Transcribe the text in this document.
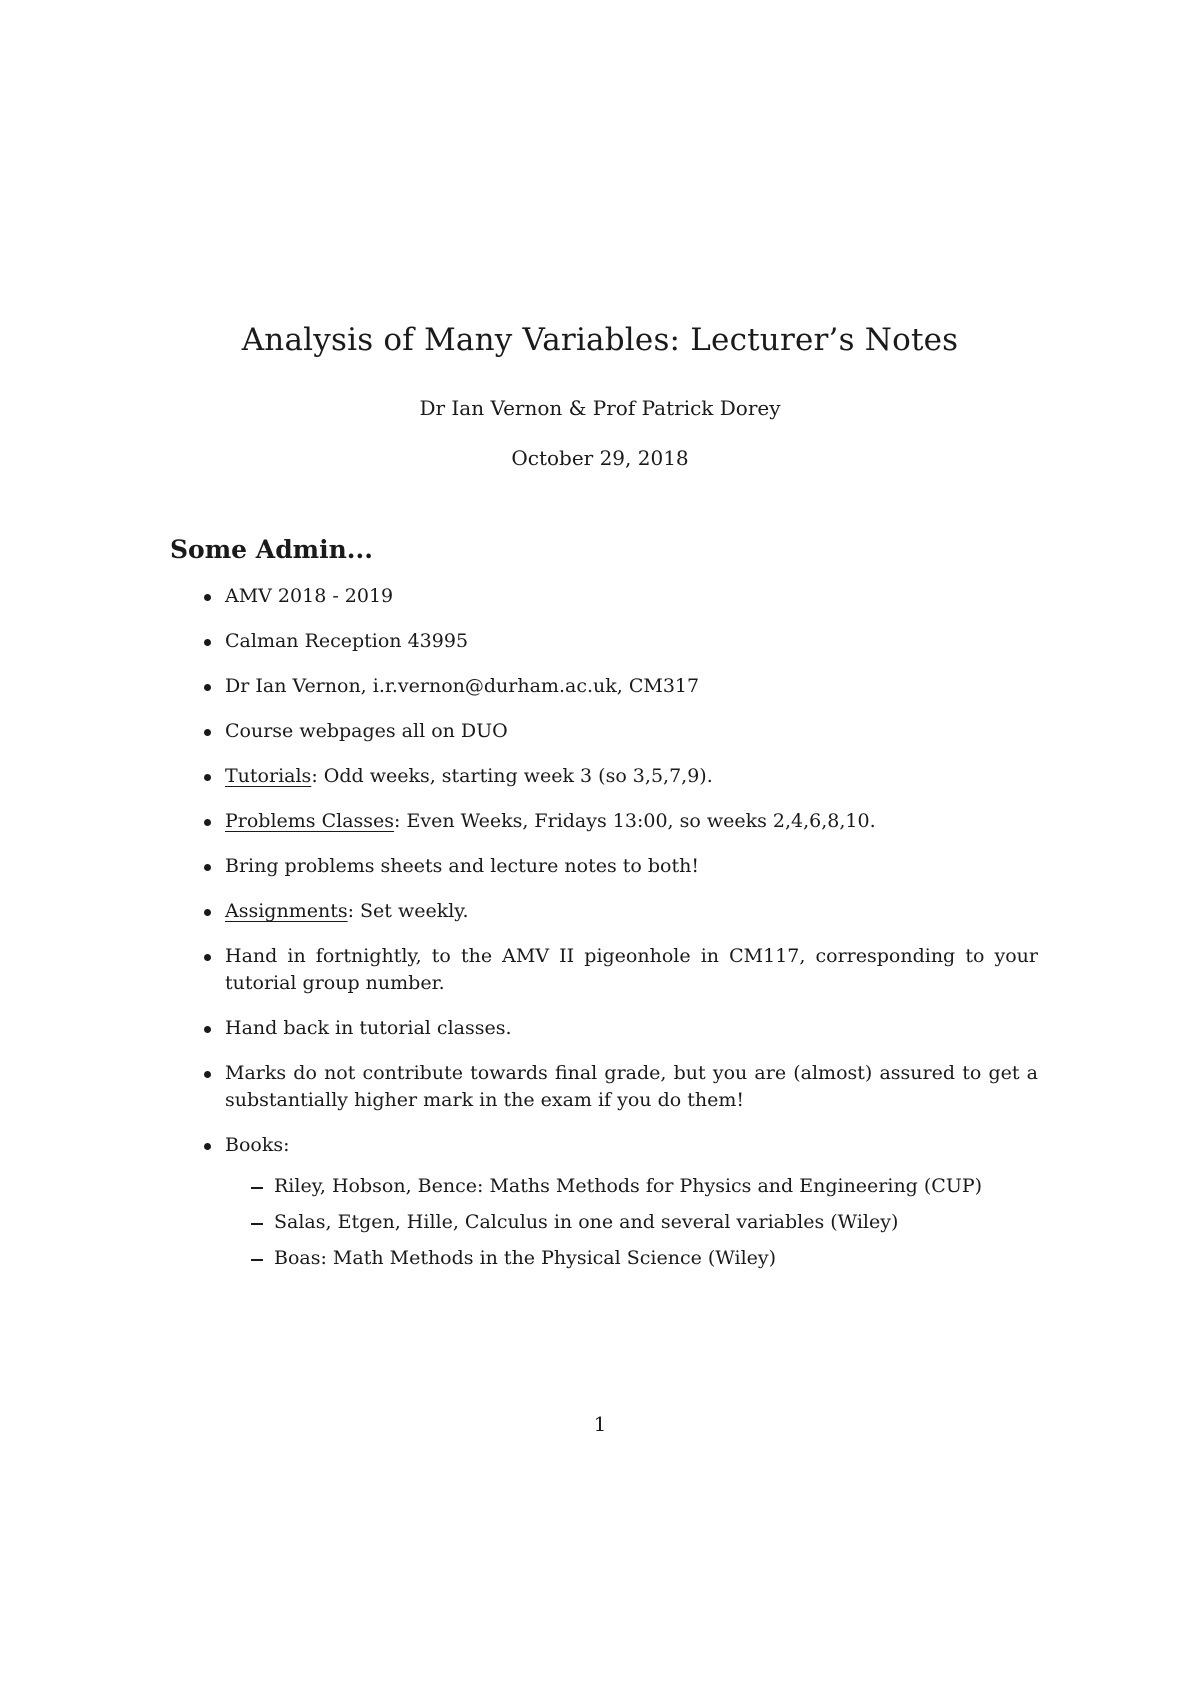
Analysis of Many Variables: Lecturer’s Notes
Dr Ian Vernon & Prof Patrick Dorey
October 29, 2018
Some Admin...
AMV 2018 - 2019
Calman Reception 43995
Dr Ian Vernon, i.r.vernon@durham.ac.uk, CM317
Course webpages all on DUO
Tutorials: Odd weeks, starting week 3 (so 3,5,7,9).
Problems Classes: Even Weeks, Fridays 13:00, so weeks 2,4,6,8,10.
Bring problems sheets and lecture notes to both!
Assignments: Set weekly.
Hand in fortnightly, to the AMV II pigeonhole in CM117, corresponding to your tutorial group number.
Hand back in tutorial classes.
Marks do not contribute towards final grade, but you are (almost) assured to get a substantially higher mark in the exam if you do them!
Books:
Riley, Hobson, Bence: Maths Methods for Physics and Engineering (CUP)
Salas, Etgen, Hille, Calculus in one and several variables (Wiley)
Boas: Math Methods in the Physical Science (Wiley)
1
